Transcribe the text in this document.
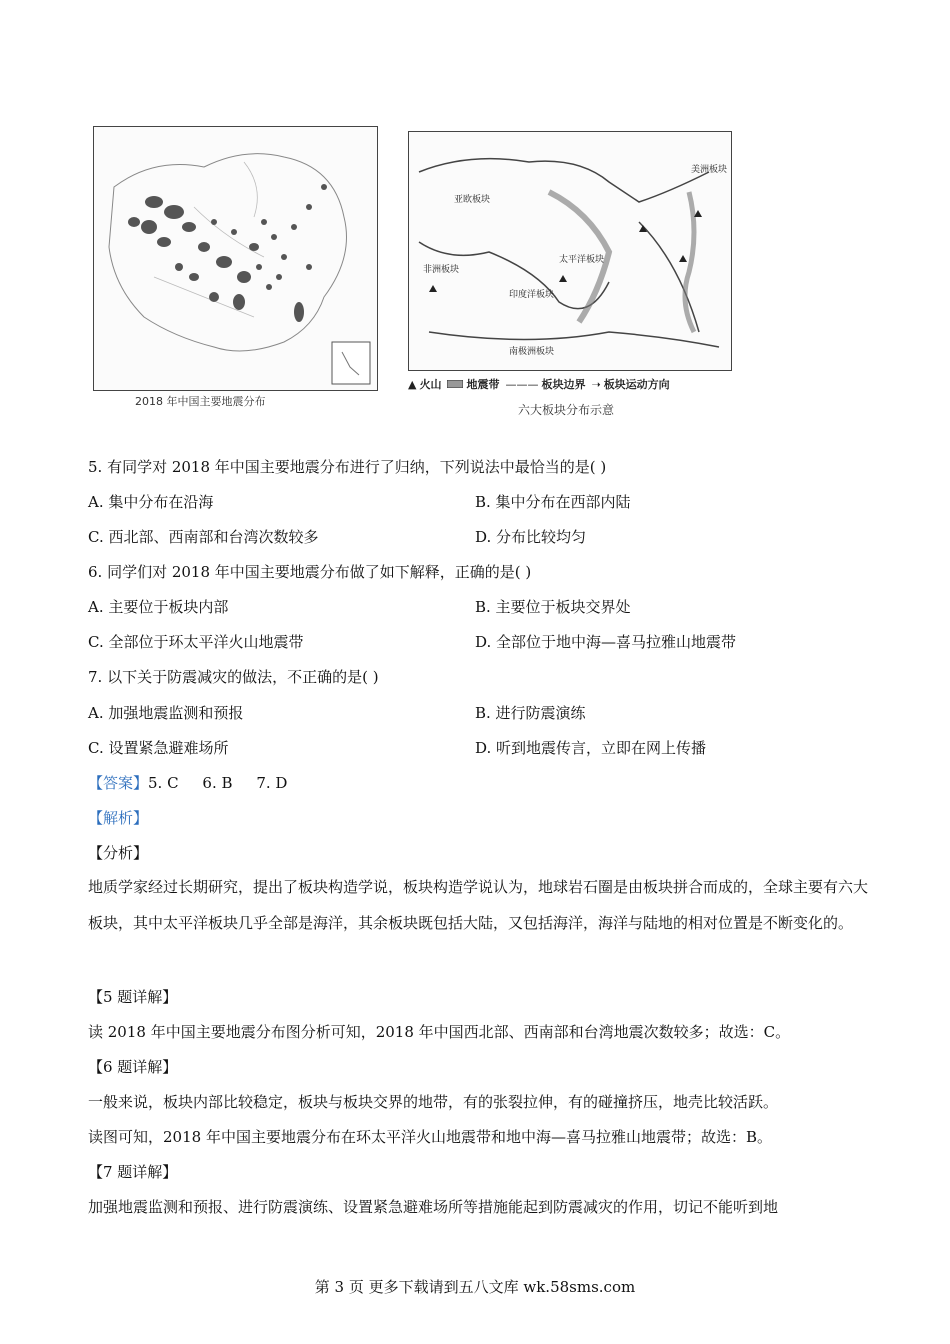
2018 年中国主要地震分布
亚欧板块
太平洋板块
印度洋板块
南极洲板块
非洲板块
美洲板块
▲ 火山 地震带 ——— 板块边界 ➝ 板块运动方向
六大板块分布示意
5. 有同学对 2018 年中国主要地震分布进行了归纳，下列说法中最恰当的是( )
A. 集中分布在沿海	B. 集中分布在西部内陆
C. 西北部、西南部和台湾次数较多	D. 分布比较均匀
6. 同学们对 2018 年中国主要地震分布做了如下解释，正确的是( )
A. 主要位于板块内部	B. 主要位于板块交界处
C. 全部位于环太平洋火山地震带	D. 全部位于地中海—喜马拉雅山地震带
7. 以下关于防震减灾的做法，不正确的是( )
A. 加强地震监测和预报	B. 进行防震演练
C. 设置紧急避难场所	D. 听到地震传言，立即在网上传播
【答案】5. C     6. B     7. D
【解析】
【分析】
地质学家经过长期研究，提出了板块构造学说，板块构造学说认为，地球岩石圈是由板块拼合而成的，全球主要有六大板块，其中太平洋板块几乎全部是海洋，其余板块既包括大陆，又包括海洋，海洋与陆地的相对位置是不断变化的。
【5 题详解】
读 2018 年中国主要地震分布图分析可知，2018 年中国西北部、西南部和台湾地震次数较多；故选：C。
【6 题详解】
一般来说，板块内部比较稳定，板块与板块交界的地带，有的张裂拉伸，有的碰撞挤压，地壳比较活跃。
读图可知，2018 年中国主要地震分布在环太平洋火山地震带和地中海—喜马拉雅山地震带；故选：B。
【7 题详解】
加强地震监测和预报、进行防震演练、设置紧急避难场所等措施能起到防震减灾的作用，切记不能听到地
第 3 页 更多下载请到五八文库 wk.58sms.com
